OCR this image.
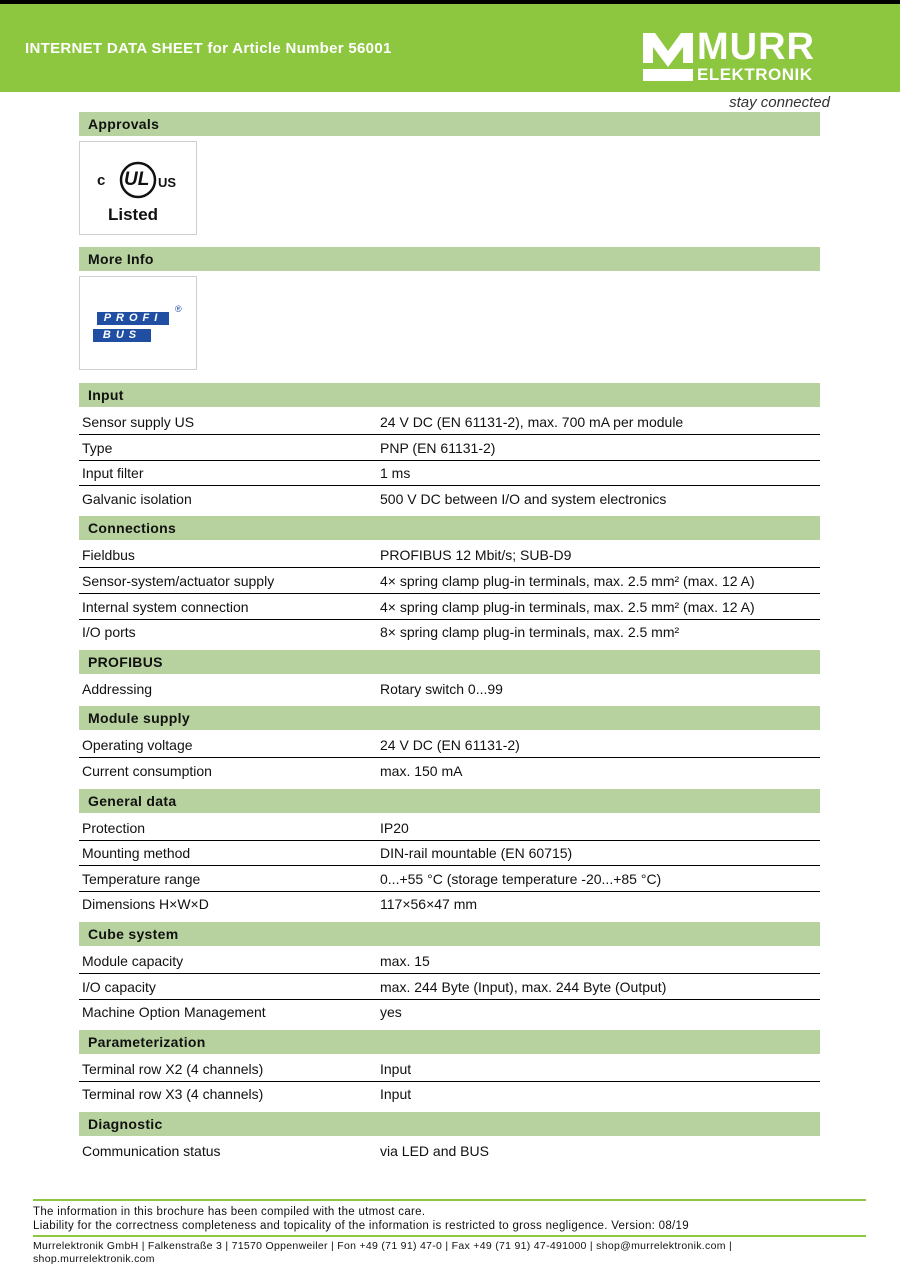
INTERNET DATA SHEET for Article Number 56001	MURR
ELEKTRONIK
stay connected
Approvals
c UL US
Listed
More Info
PROFI
BUS
®
Input
Sensor supply US	24 V DC (EN 61131-2), max. 700 mA per module
Type	PNP (EN 61131-2)
Input filter	1 ms
Galvanic isolation	500 V DC between I/O and system electronics
Connections
Fieldbus	PROFIBUS 12 Mbit/s; SUB-D9
Sensor-system/actuator supply	4× spring clamp plug-in terminals, max. 2.5 mm² (max. 12 A)
Internal system connection	4× spring clamp plug-in terminals, max. 2.5 mm² (max. 12 A)
I/O ports	8× spring clamp plug-in terminals, max. 2.5 mm²
PROFIBUS
Addressing	Rotary switch 0...99
Module supply
Operating voltage	24 V DC (EN 61131-2)
Current consumption	max. 150 mA
General data
Protection	IP20
Mounting method	DIN-rail mountable (EN 60715)
Temperature range	0...+55 °C (storage temperature -20...+85 °C)
Dimensions H×W×D	117×56×47 mm
Cube system
Module capacity	max. 15
I/O capacity	max. 244 Byte (Input), max. 244 Byte (Output)
Machine Option Management	yes
Parameterization
Terminal row X2 (4 channels)	Input
Terminal row X3 (4 channels)	Input
Diagnostic
Communication status	via LED and BUS
The information in this brochure has been compiled with the utmost care.
Liability for the correctness completeness and topicality of the information is restricted to gross negligence. Version: 08/19
Murrelektronik GmbH | Falkenstraße 3 | 71570 Oppenweiler | Fon +49 (71 91) 47-0 | Fax +49 (71 91) 47-491000 | shop@murrelektronik.com | shop.murrelektronik.com
